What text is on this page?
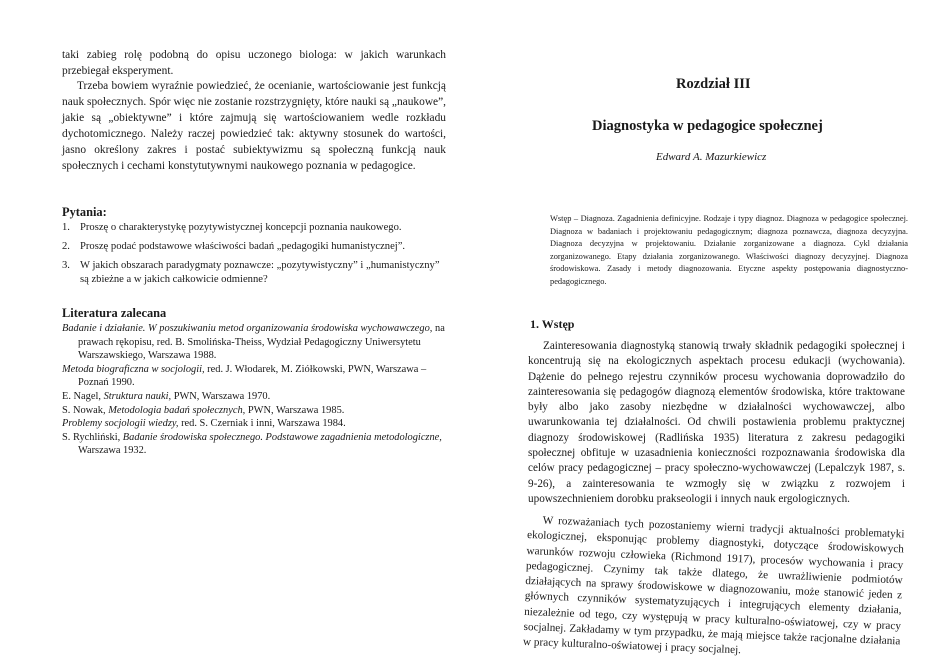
taki zabieg rolę podobną do opisu uczonego biologa: w jakich warunkach przebiegał eksperyment.

Trzeba bowiem wyraźnie powiedzieć, że ocenianie, wartościowanie jest funkcją nauk społecznych. Spór więc nie zostanie rozstrzygnięty, które nauki są „naukowe”, jakie są „obiektywne” i które zajmują się wartościowaniem wedle rozkładu dychotomicznego. Należy raczej powiedzieć tak: aktywny stosunek do wartości, jasno określony zakres i postać subiektywizmu są społeczną funkcją nauk społecznych i cechami konstytutywnymi naukowego poznania w pedagogice.

Pytania:
1. Proszę o charakterystykę pozytywistycznej koncepcji poznania naukowego.
2. Proszę podać podstawowe właściwości badań „pedagogiki humanistycznej”.
3. W jakich obszarach paradygmaty poznawcze: „pozytywistyczny” i „humanistyczny” są zbieżne a w jakich całkowicie odmienne?
Literatura zalecana
Badanie i działanie. W poszukiwaniu metod organizowania środowiska wychowawczego, na prawach rękopisu, red. B. Smolińska-Theiss, Wydział Pedagogiczny Uniwersytetu Warszawskiego, Warszawa 1988.
Metoda biograficzna w socjologii, red. J. Włodarek, M. Ziółkowski, PWN, Warszawa – Poznań 1990.
E. Nagel, Struktura nauki, PWN, Warszawa 1970.
S. Nowak, Metodologia badań społecznych, PWN, Warszawa 1985.
Problemy socjologii wiedzy, red. S. Czerniak i inni, Warszawa 1984.
S. Rychliński, Badanie środowiska społecznego. Podstawowe zagadnienia metodologiczne, Warszawa 1932.
Rozdział III
Diagnostyka w pedagogice społecznej

Edward A. Mazurkiewicz

Wstęp – Diagnoza. Zagadnienia definicyjne. Rodzaje i typy diagnoz. Diagnoza w pedagogice społecznej. Diagnoza w badaniach i projektowaniu pedagogicznym; diagnoza poznawcza, diagnoza decyzyjna. Diagnoza decyzyjna w projektowaniu. Działanie zorganizowane a diagnoza. Cykl działania zorganizowanego. Etapy działania zorganizowanego. Właściwości diagnozy decyzyjnej. Diagnoza środowiskowa. Zasady i metody diagnozowania. Etyczne aspekty postępowania diagnostyczno-pedagogicznego.

1. Wstęp

Zainteresowania diagnostyką stanowią trwały składnik pedagogiki społecznej i koncentrują się na ekologicznych aspektach procesu edukacji (wychowania). Dążenie do pełnego rejestru czynników procesu wychowania doprowadziło do zainteresowania się pedagogów diagnozą elementów środowiska, które traktowane były albo jako zasoby niezbędne w działalności wychowawczej, albo uwarunkowania tej działalności. Od chwili postawienia problemu praktycznej diagnozy środowiskowej (Radlińska 1935) literatura z zakresu pedagogiki społecznej obfituje w uzasadnienia konieczności rozpoznawania środowiska dla celów pracy pedagogicznej – pracy społeczno-wychowawczej (Lepalczyk 1987, s. 9-26), a zainteresowania te wzmogły się w związku z rozwojem i upowszechnieniem dorobku prakseologii i innych nauk ergologicznych.

W rozważaniach tych pozostaniemy wierni tradycji aktualności problematyki ekologicznej, eksponując problemy diagnostyki, dotyczące środowiskowych warunków rozwoju człowieka (Richmond 1917), procesów wychowania i pracy pedagogicznej. Czynimy tak także dlatego, że uwrażliwienie podmiotów działających na sprawy środowiskowe w diagnozowaniu, może stanowić jeden z głównych czynników systematyzujących i integrujących elementy działania, niezależnie od tego, czy występują w pracy kulturalno-oświatowej, czy w pracy socjalnej. Zakładamy w tym przypadku, że mają miejsce także racjonalne działania w pracy kulturalno-oświatowej i pracy socjalnej.
